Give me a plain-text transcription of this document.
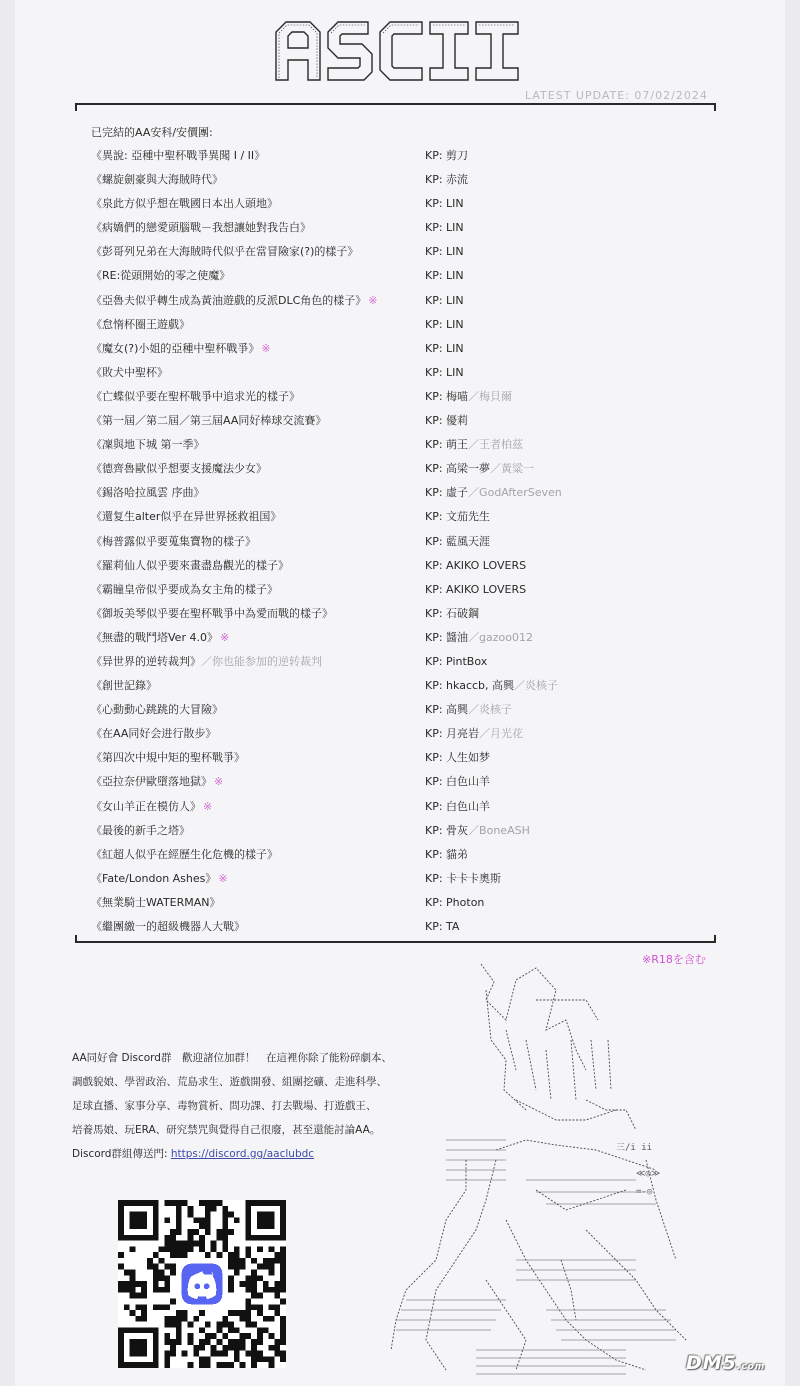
ASCII
LATEST UPDATE: 07/02/2024
已完結的AA安科/安價團:
《異說: 亞種中聖杯戰爭異聞 I / II》	KP: 剪刀
《螺旋劍豪與大海賊時代》	KP: 赤流
《泉此方似乎想在戰國日本出人頭地》	KP: LIN
《病嬌們的戀愛頭腦戰－我想讓她對我告白》	KP: LIN
《彭哥列兄弟在大海賊時代似乎在當冒險家(?)的樣子》	KP: LIN
《RE:從頭開始的零之使魔》	KP: LIN
《亞魯夫似乎轉生成為黃油遊戲的反派DLC角色的樣子》 ※	KP: LIN
《怠惰杯圈王遊戲》	KP: LIN
《魔女(?)小姐的亞種中聖杯戰爭》 ※	KP: LIN
《敗犬中聖杯》	KP: LIN
《亡蝶似乎要在聖杯戰爭中追求光的樣子》	KP: 梅喵／梅貝爾
《第一屆／第二屆／第三屆AA同好棒球交流賽》	KP: 優莉
《凜與地下城 第一季》	KP: 萌王／王者柏茲
《德齊魯歐似乎想要支援魔法少女》	KP: 高梁一夢／黃粱一
《錫洛哈拉風雲 序曲》	KP: 虛子／GodAfterSeven
《還复生alter似乎在异世界拯救祖国》	KP: 文茄先生
《梅普露似乎要蒐集寶物的樣子》	KP: 藍風天涯
《羅莉仙人似乎要來畫盡島觀光的樣子》	KP: AKIKO LOVERS
《霸瞳皇帝似乎要成為女主角的樣子》	KP: AKIKO LOVERS
《御坂美琴似乎要在聖杯戰爭中為愛而戰的樣子》	KP: 石破鋼
《無盡的戰鬥塔Ver 4.0》 ※	KP: 醬油／gazoo012
《异世界的逆转裁判》／你也能参加的逆转裁判	KP: PintBox
《創世記錄》	KP: hkaccb, 高興／炎核子
《心動動心跳跳的大冒險》	KP: 高興／炎核子
《在AA同好会进行散步》	KP: 月亮岩／月光花
《第四次中規中矩的聖杯戰爭》	KP: 人生如梦
《亞拉奈伊歐墮落地獄》 ※	KP: 白色山羊
《女山羊正在模仿人》 ※	KP: 白色山羊
《最後的新手之塔》	KP: 骨灰／BoneASH
《紅超人似乎在經歷生化危機的樣子》	KP: 貓弟
《Fate/London Ashes》 ※	KP: 卡卡卡奧斯
《無業騎士WATERMAN》	KP: Photon
《繼團繳一的超級機器人大戰》	KP: TA
※R18を含む
AA同好會 Discord群　歡迎諸位加群！　在這裡你除了能粉碎劇本、
調戲貌娘、學習政治、荒島求生、遊戲開發、組團挖礦、走進科學、
足球直播、家事分享、毒物賞析、問功課、打去戰場、打遊戲王、
培養馬娘、玩ERA、研究禁咒與覺得自己很廢，甚至還能討論AA。
Discord群組傳送門: https://discord.gg/aaclubdc
≪◎≫
=-◎
三/i ii
DM5.com
